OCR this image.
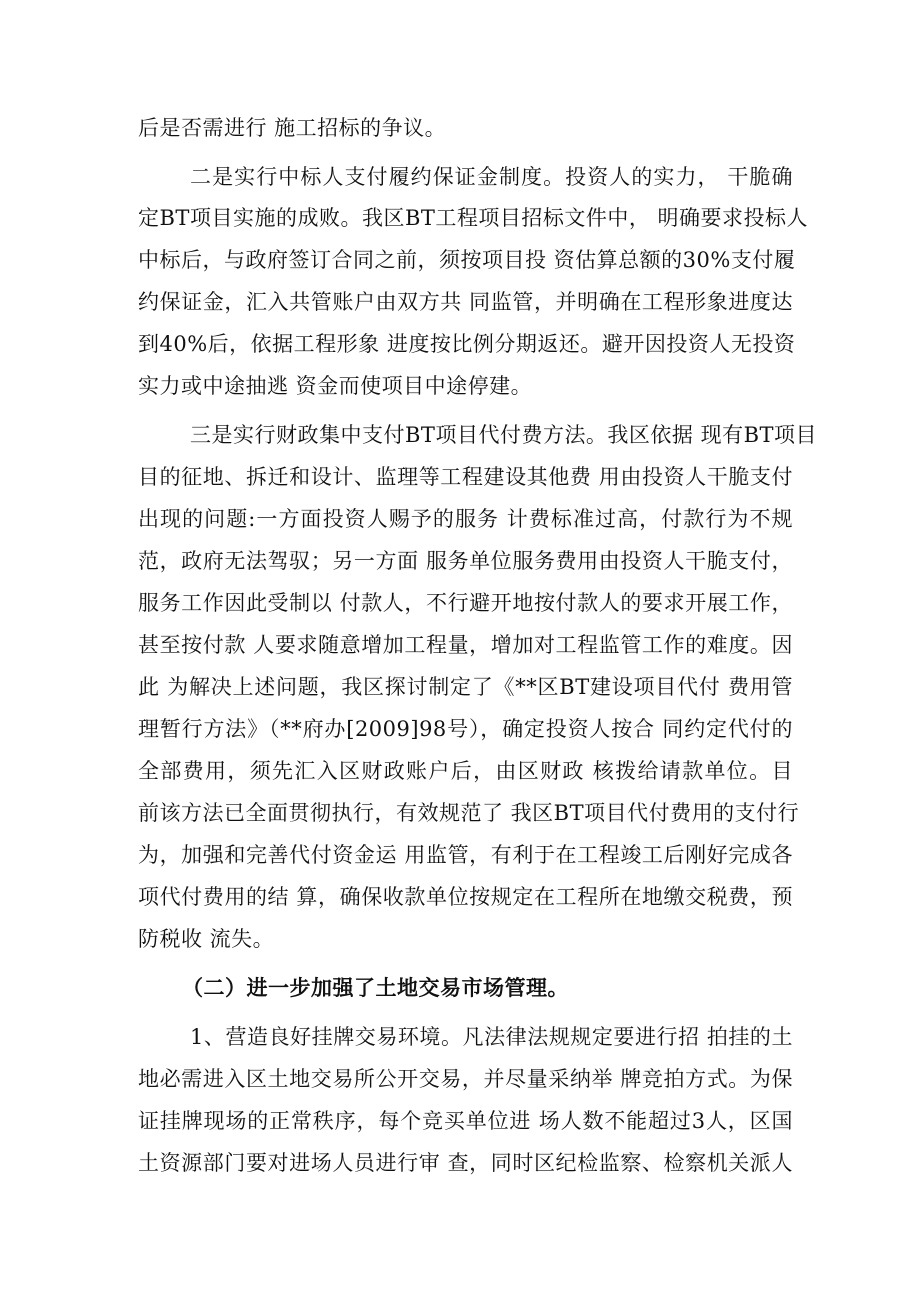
后是否需进行 施工招标的争议。
二是实行中标人支付履约保证金制度。投资人的实力， 干脆确
定BT项目实施的成败。我区BT工程项目招标文件中， 明确要求投标人
中标后，与政府签订合同之前，须按项目投 资估算总额的30%支付履
约保证金，汇入共管账户由双方共 同监管，并明确在工程形象进度达
到40%后，依据工程形象 进度按比例分期返还。避开因投资人无投资
实力或中途抽逃 资金而使项目中途停建。
三是实行财政集中支付BT项目代付费方法。我区依据 现有BT项目
目的征地、拆迁和设计、监理等工程建设其他费 用由投资人干脆支付
出现的问题:一方面投资人赐予的服务 计费标准过高，付款行为不规
范，政府无法驾驭；另一方面 服务单位服务费用由投资人干脆支付，
服务工作因此受制以 付款人，不行避开地按付款人的要求开展工作，
甚至按付款 人要求随意增加工程量，增加对工程监管工作的难度。因
此 为解决上述问题，我区探讨制定了《**区BT建设项目代付 费用管
理暂行方法》（**府办[2009]98号），确定投资人按合 同约定代付的
全部费用，须先汇入区财政账户后，由区财政 核拨给请款单位。目
前该方法已全面贯彻执行，有效规范了 我区BT项目代付费用的支付行
为，加强和完善代付资金运 用监管，有利于在工程竣工后刚好完成各
项代付费用的结 算，确保收款单位按规定在工程所在地缴交税费，预
防税收 流失。
（二）进一步加强了土地交易市场管理。
1、营造良好挂牌交易环境。凡法律法规规定要进行招 拍挂的土
地必需进入区土地交易所公开交易，并尽量采纳举 牌竞拍方式。为保
证挂牌现场的正常秩序，每个竞买单位进 场人数不能超过3人，区国
土资源部门要对进场人员进行审 查，同时区纪检监察、检察机关派人
